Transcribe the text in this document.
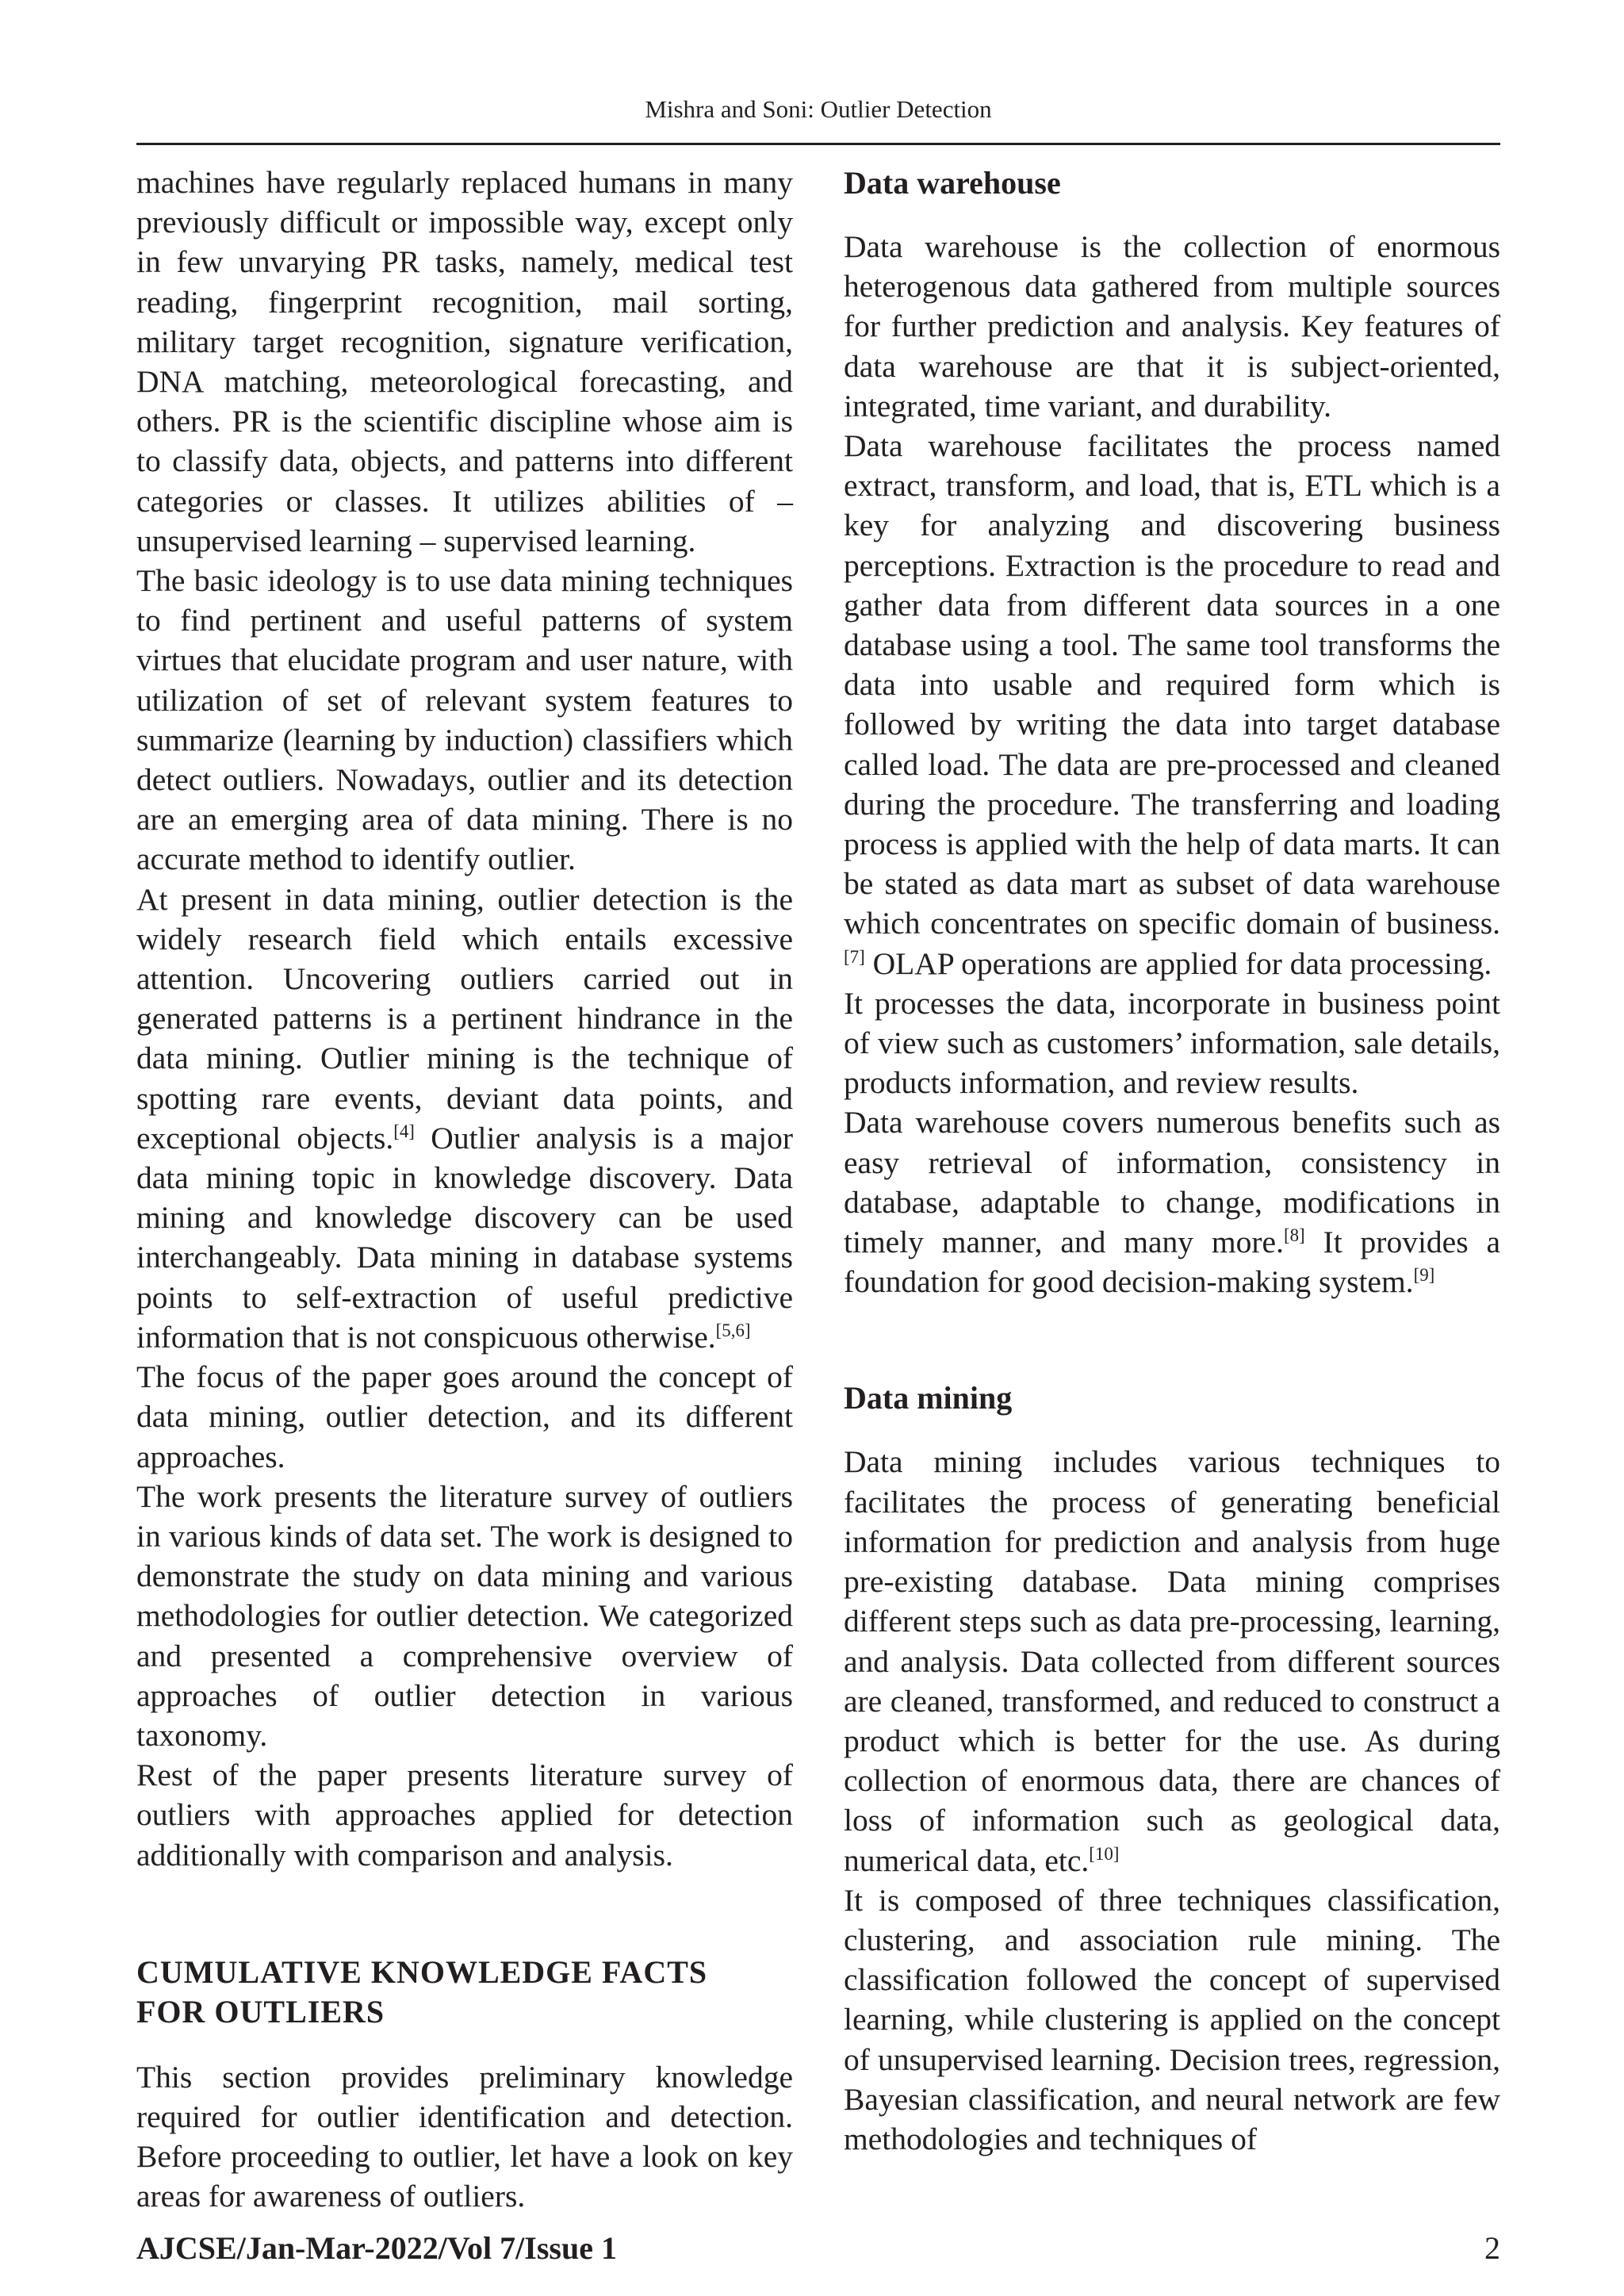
Mishra and Soni: Outlier Detection

machines have regularly replaced humans in many previously difficult or impossible way, except only in few unvarying PR tasks, namely, medical test reading, fingerprint recognition, mail sorting, military target recognition, signature verification, DNA matching, meteorological forecasting, and others. PR is the scientific discipline whose aim is to classify data, objects, and patterns into different categories or classes. It utilizes abilities of – unsupervised learning – supervised learning.

The basic ideology is to use data mining techniques to find pertinent and useful patterns of system virtues that elucidate program and user nature, with utilization of set of relevant system features to summarize (learning by induction) classifiers which detect outliers. Nowadays, outlier and its detection are an emerging area of data mining. There is no accurate method to identify outlier.

At present in data mining, outlier detection is the widely research field which entails excessive attention. Uncovering outliers carried out in generated patterns is a pertinent hindrance in the data mining. Outlier mining is the technique of spotting rare events, deviant data points, and exceptional objects.[4] Outlier analysis is a major data mining topic in knowledge discovery. Data mining and knowledge discovery can be used interchangeably. Data mining in database systems points to self-extraction of useful predictive information that is not conspicuous otherwise.[5,6]

The focus of the paper goes around the concept of data mining, outlier detection, and its different approaches.

The work presents the literature survey of outliers in various kinds of data set. The work is designed to demonstrate the study on data mining and various methodologies for outlier detection. We categorized and presented a comprehensive overview of approaches of outlier detection in various taxonomy.

Rest of the paper presents literature survey of outliers with approaches applied for detection additionally with comparison and analysis.

CUMULATIVE KNOWLEDGE FACTS
FOR OUTLIERS

This section provides preliminary knowledge required for outlier identification and detection. Before proceeding to outlier, let have a look on key areas for awareness of outliers.

Data warehouse

Data warehouse is the collection of enormous heterogenous data gathered from multiple sources for further prediction and analysis. Key features of data warehouse are that it is subject-oriented, integrated, time variant, and durability.

Data warehouse facilitates the process named extract, transform, and load, that is, ETL which is a key for analyzing and discovering business perceptions. Extraction is the procedure to read and gather data from different data sources in a one database using a tool. The same tool transforms the data into usable and required form which is followed by writing the data into target database called load. The data are pre-processed and cleaned during the procedure. The transferring and loading process is applied with the help of data marts. It can be stated as data mart as subset of data warehouse which concentrates on specific domain of business.[7] OLAP operations are applied for data processing.

It processes the data, incorporate in business point of view such as customers’ information, sale details, products information, and review results.

Data warehouse covers numerous benefits such as easy retrieval of information, consistency in database, adaptable to change, modifications in timely manner, and many more.[8] It provides a foundation for good decision-making system.[9]

Data mining

Data mining includes various techniques to facilitates the process of generating beneficial information for prediction and analysis from huge pre-existing database. Data mining comprises different steps such as data pre-processing, learning, and analysis. Data collected from different sources are cleaned, transformed, and reduced to construct a product which is better for the use. As during collection of enormous data, there are chances of loss of information such as geological data, numerical data, etc.[10]

It is composed of three techniques classification, clustering, and association rule mining. The classification followed the concept of supervised learning, while clustering is applied on the concept of unsupervised learning. Decision trees, regression, Bayesian classification, and neural network are few methodologies and techniques of

AJCSE/Jan-Mar-2022/Vol 7/Issue 1	2
